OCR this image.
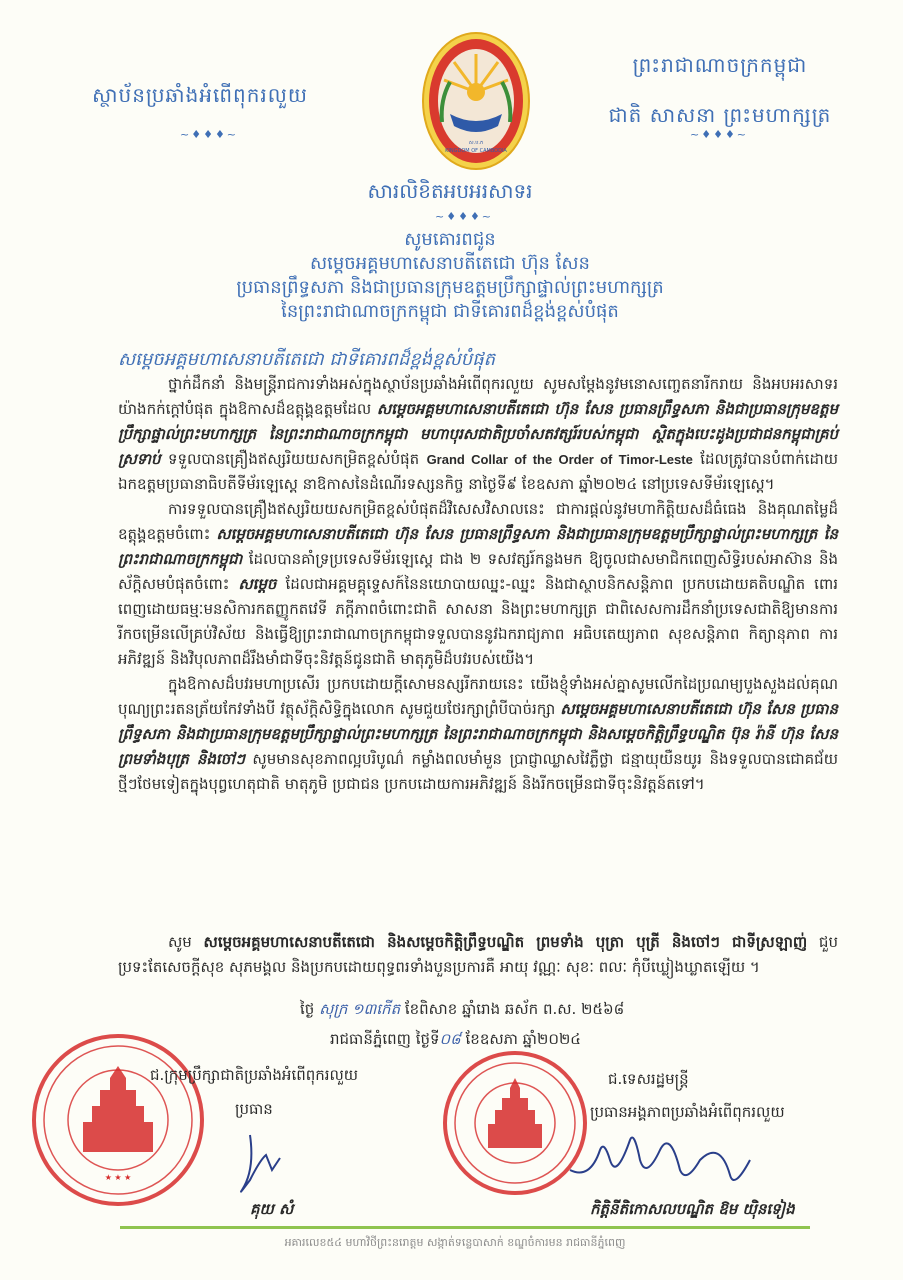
ស្ថាប័នប្រឆាំងអំពើពុករលួយ
~♦♦♦~
ព្រះរាជាណាចក្រកម្ពុជា
ជាតិ សាសនា ព្រះមហាក្សត្រ
~♦♦♦~
ស.ប.ក
KINGDOM OF CAMBODIA
សារលិខិតអបអរសាទរ
~♦♦♦~
សូមគោរពជូន
សម្តេចអគ្គមហាសេនាបតីតេជោ ហ៊ុន សែន
ប្រធានព្រឹទ្ធសភា និងជាប្រធានក្រុមឧត្តមប្រឹក្សាផ្ទាល់ព្រះមហាក្សត្រ
នៃព្រះរាជាណាចក្រកម្ពុជា ជាទីគោរពដ៏ខ្ពង់ខ្ពស់បំផុត
សម្តេចអគ្គមហាសេនាបតីតេជោ ជាទីគោរពដ៏ខ្ពង់ខ្ពស់បំផុត

ថ្នាក់ដឹកនាំ និងមន្ត្រីរាជការទាំងអស់ក្នុងស្ថាប័នប្រឆាំងអំពើពុករលួយ សូមសម្តែងនូវមនោសញ្ចេតនារីករាយ និងអបអរសាទរយ៉ាងកក់ក្តៅបំផុត ក្នុងឱកាសដ៏ឧត្តុង្គឧត្តមដែល សម្តេចអគ្គមហាសេនាបតីតេជោ ហ៊ុន សែន ប្រធានព្រឹទ្ធសភា និងជាប្រធានក្រុមឧត្តមប្រឹក្សាផ្ទាល់ព្រះមហាក្សត្រ នៃព្រះរាជាណាចក្រកម្ពុជា មហាបុរសជាតិប្រចាំសតវត្សរ៍របស់កម្ពុជា ស្ថិតក្នុងបេះដូងប្រជាជនកម្ពុជាគ្រប់ស្រទាប់ ទទួលបានគ្រឿងឥស្សរិយយសកម្រិតខ្ពស់បំផុត Grand Collar of the Order of Timor-Leste ដែលត្រូវបានបំពាក់ដោយ ឯកឧត្តមប្រធានាធិបតីទីម័រឡេស្តេ នាឱកាសនៃដំណើរទស្សនកិច្ច នាថ្ងៃទី៩ ខែឧសភា ឆ្នាំ២០២៤ នៅប្រទេសទីម័រឡេស្តេ។

ការទទួលបានគ្រឿងឥស្សរិយយសកម្រិតខ្ពស់បំផុតដ៏វិសេសវិសាលនេះ ជាការផ្តល់នូវមហាកិត្តិយសដ៏ធំធេង និងគុណតម្លៃដ៏ឧត្តុង្គឧត្តមចំពោះ សម្តេចអគ្គមហាសេនាបតីតេជោ ហ៊ុន សែន ប្រធានព្រឹទ្ធសភា និងជាប្រធានក្រុមឧត្តមប្រឹក្សាផ្ទាល់ព្រះមហាក្សត្រ នៃព្រះរាជាណាចក្រកម្ពុជា ដែលបានគាំទ្រប្រទេសទីម័រឡេស្តេ ជាង ២ ទសវត្សរ៍កន្លងមក ឱ្យចូលជាសមាជិកពេញសិទ្ធិរបស់អាស៊ាន និងស័ក្តិសមបំផុតចំពោះ សម្តេច ដែលជាអគ្គមគ្គុទ្ទេសក៍នៃនយោបាយឈ្នះ-ឈ្នះ និងជាស្ថាបនិកសន្តិភាព ប្រកបដោយគតិបណ្ឌិត ពោរពេញដោយធម្មៈមនសិការកតញ្ញូកតវេទី ភក្តីភាពចំពោះជាតិ សាសនា និងព្រះមហាក្សត្រ ជាពិសេសការដឹកនាំប្រទេសជាតិឱ្យមានការរីកចម្រើនលើគ្រប់វិស័យ និងធ្វើឱ្យព្រះរាជាណាចក្រកម្ពុជាទទួលបាននូវឯករាជ្យភាព អធិបតេយ្យភាព សុខសន្តិភាព កិត្យានុភាព ការអភិវឌ្ឍន៍ និងវិបុលភាពដ៏រឹងមាំជាទីចុះនិវត្តន៍ជូនជាតិ មាតុភូមិដ៏បវរបស់យើង។

ក្នុងឱកាសដ៏បវរមហាប្រសើរ ប្រកបដោយក្តីសោមនស្សរីករាយនេះ យើងខ្ញុំទាំងអស់គ្នាសូមលើកដៃប្រណម្យបួងសួងដល់គុណបុណ្យព្រះរតនត្រ័យកែវទាំងបី វត្ថុស័ក្តិសិទ្ធិក្នុងលោក សូមជួយថែរក្សាព្រំបីបាច់រក្សា សម្តេចអគ្គមហាសេនាបតីតេជោ ហ៊ុន សែន ប្រធានព្រឹទ្ធសភា និងជាប្រធានក្រុមឧត្តមប្រឹក្សាផ្ទាល់ព្រះមហាក្សត្រ នៃព្រះរាជាណាចក្រកម្ពុជា និងសម្តេចកិត្តិព្រឹទ្ធបណ្ឌិត ប៊ុន រ៉ានី ហ៊ុន សែន ព្រមទាំងបុត្រ និងចៅៗ សូមមានសុខភាពល្អបរិបូណ៌ កម្លាំងពលមាំមួន ប្រាជ្ញាឈ្លាសវៃភ្លឺថ្លា ជន្មាយុយឺនយូរ និងទទួលបានជោគជ័យថ្មីៗថែមទៀតក្នុងបុព្វហេតុជាតិ មាតុភូមិ ប្រជាជន ប្រកបដោយការអភិវឌ្ឍន៍ និងរីកចម្រើនជាទីចុះនិវត្តន៍តទៅ។

សូម សម្តេចអគ្គមហាសេនាបតីតេជោ និងសម្តេចកិត្តិព្រឹទ្ធបណ្ឌិត ព្រមទាំង បុត្រា បុត្រី និងចៅៗ ជាទីស្រឡាញ់ ជួបប្រទះតែសេចក្តីសុខ សុភមង្គល និងប្រកបដោយពុទ្ធពរទាំងបួនប្រការគឺ អាយុ វណ្ណៈ សុខៈ ពលៈ កុំបីឃ្លៀងឃ្លាតឡើយ ។

ថ្ងៃ សុក្រ ១៣កើត ខែពិសាខ ឆ្នាំរោង ឆស័ក ព.ស. ២៥៦៨
រាជធានីភ្នំពេញ ថ្ងៃទី០៨ ខែឧសភា ឆ្នាំ២០២៤
★ ★ ★
ជ.ក្រុមប្រឹក្សាជាតិប្រឆាំងអំពើពុករលួយ
ប្រធាន
គុយ សំ
ជ.ទេសរដ្ឋមន្ត្រី
ប្រធានអង្គភាពប្រឆាំងអំពើពុករលួយ
កិត្តិនីតិកោសលបណ្ឌិត ឱម យ៉ិនទៀង
អគារលេខ៥៤ មហាវិថីព្រះនរោត្តម សង្កាត់ទន្លេបាសាក់ ខណ្ឌចំការមន រាជធានីភ្នំពេញ
